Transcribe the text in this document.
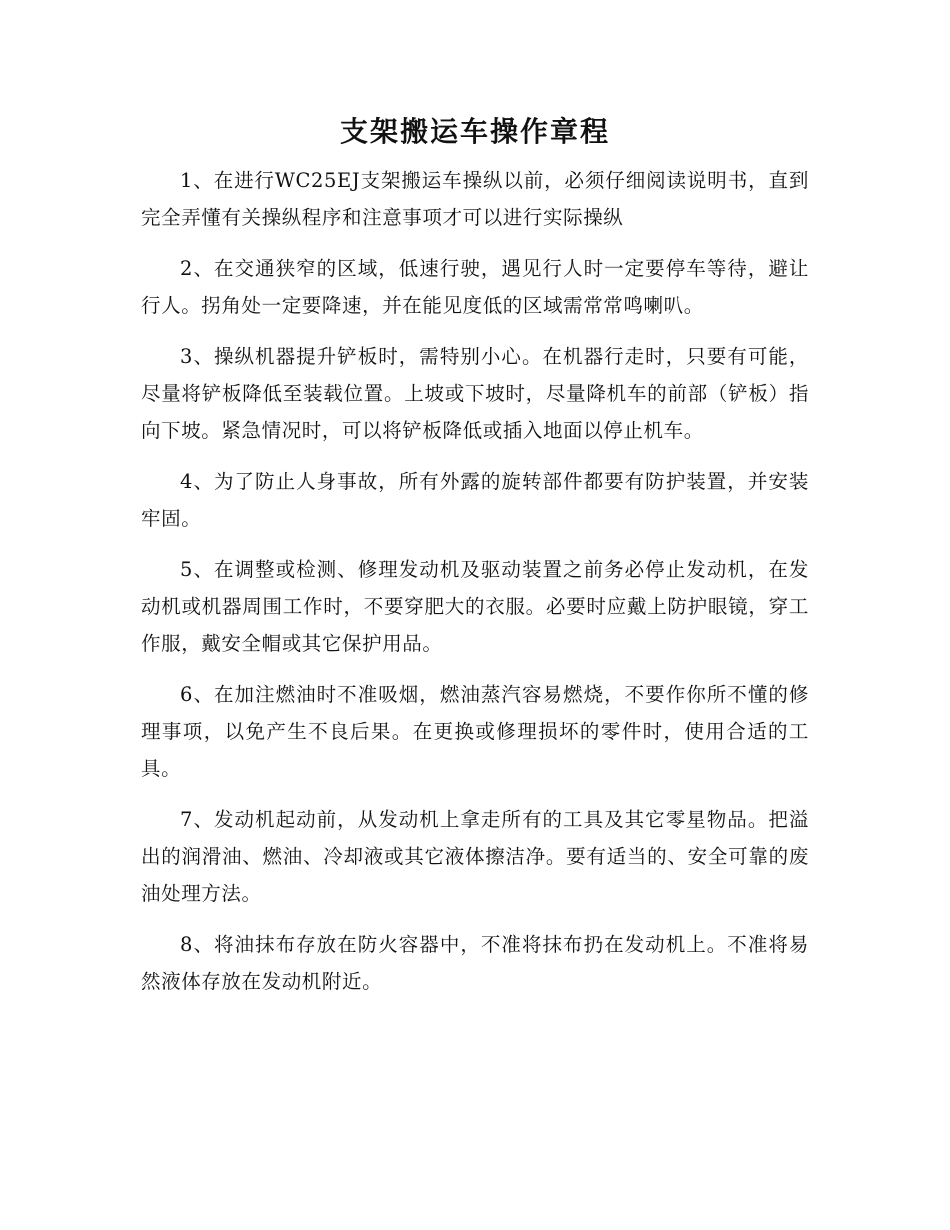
支架搬运车操作章程

1、在进行WC25EJ支架搬运车操纵以前，必须仔细阅读说明书，直到完全弄懂有关操纵程序和注意事项才可以进行实际操纵

2、在交通狭窄的区域，低速行驶，遇见行人时一定要停车等待，避让行人。拐角处一定要降速，并在能见度低的区域需常常鸣喇叭。

3、操纵机器提升铲板时，需特别小心。在机器行走时，只要有可能，尽量将铲板降低至装载位置。上坡或下坡时，尽量降机车的前部（铲板）指向下坡。紧急情况时，可以将铲板降低或插入地面以停止机车。

4、为了防止人身事故，所有外露的旋转部件都要有防护装置，并安装牢固。

5、在调整或检测、修理发动机及驱动装置之前务必停止发动机，在发动机或机器周围工作时，不要穿肥大的衣服。必要时应戴上防护眼镜，穿工作服，戴安全帽或其它保护用品。

6、在加注燃油时不准吸烟，燃油蒸汽容易燃烧，不要作你所不懂的修理事项，以免产生不良后果。在更换或修理损坏的零件时，使用合适的工具。

7、发动机起动前，从发动机上拿走所有的工具及其它零星物品。把溢出的润滑油、燃油、冷却液或其它液体擦洁净。要有适当的、安全可靠的废油处理方法。

8、将油抹布存放在防火容器中，不准将抹布扔在发动机上。不准将易然液体存放在发动机附近。
